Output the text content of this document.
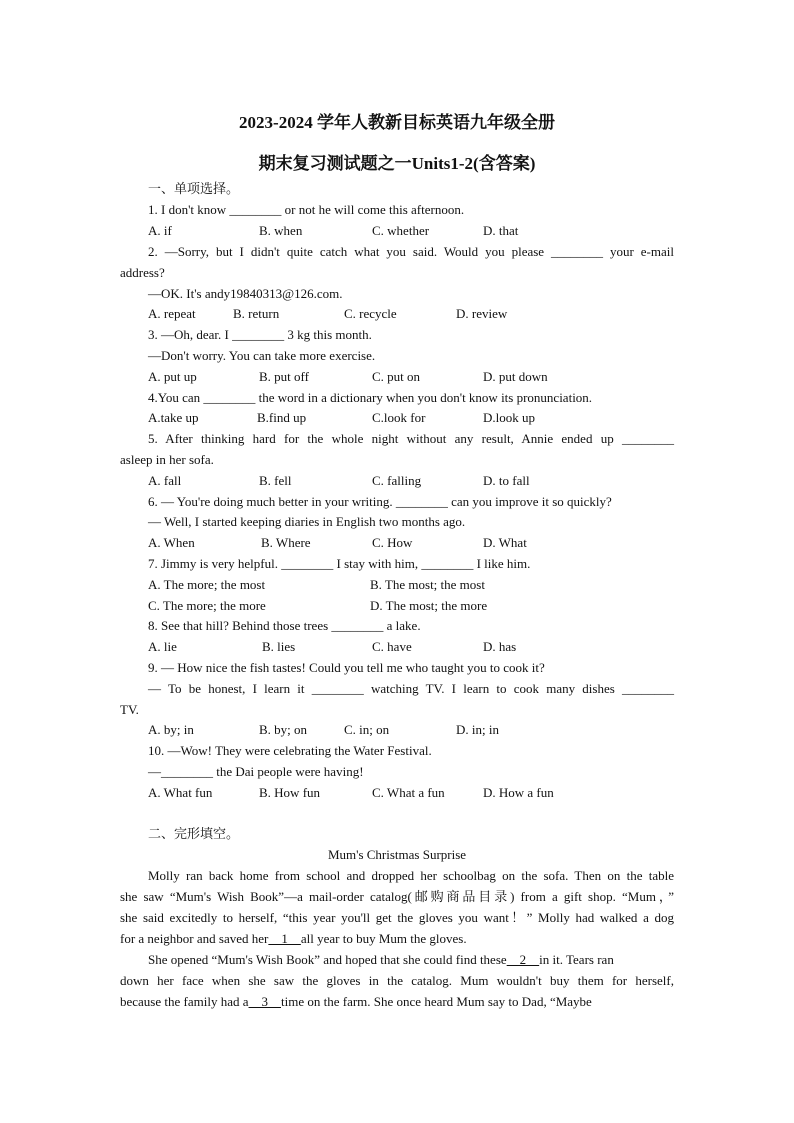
2023-2024 学年人教新目标英语九年级全册
期末复习测试题之一Units1-2(含答案)
一、单项选择。
1. I don't know ________ or not he will come this afternoon.
A. if	B. when	C. whether	D. that
2. —Sorry, but I didn't quite catch what you said. Would you please ________ your e-mail
address?
—OK. It's andy19840313@126.com.
A. repeat	B. return	C. recycle	D. review
3. —Oh, dear. I ________ 3 kg this month.
—Don't worry. You can take more exercise.
A. put up	B. put off	C. put on	D. put down
4.You can ________ the word in a dictionary when you don't know its pronunciation.
A.take up	B.find up	C.look for	D.look up
5. After thinking hard for the whole night without any result, Annie ended up ________
asleep in her sofa.
A. fall	B. fell	C. falling	D. to fall
6. — You're doing much better in your writing. ________ can you improve it so quickly?
— Well, I started keeping diaries in English two months ago.
A. When	B. Where	C. How	D. What
7. Jimmy is very helpful. ________ I stay with him, ________ I like him.
A. The more; the most	B. The most; the most
C. The more; the more	D. The most; the more
8. See that hill? Behind those trees ________ a lake.
A. lie	B. lies	C. have	D. has
9. — How nice the fish tastes! Could you tell me who taught you to cook it?
— To be honest, I learn it ________ watching TV. I learn to cook many dishes ________
TV.
A. by; in	B. by; on	C. in; on	D. in; in
10. —Wow! They were celebrating the Water Festival.
—________ the Dai people were having!
A. What fun	B. How fun	C. What a fun	D. How a fun
二、完形填空。
Mum's Christmas Surprise
Molly ran back home from school and dropped her schoolbag on the sofa. Then on the table
she saw “Mum's Wish Book”—a mail-order catalog(邮购商品目录) from a gift shop. “Mum，”
she said excitedly to herself, “this year you'll get the gloves you want！” Molly had walked a dog
for a neighbor and saved her    1    all year to buy Mum the gloves.
She opened “Mum's Wish Book” and hoped that she could find these    2    in it. Tears ran
down her face when she saw the gloves in the catalog. Mum wouldn't buy them for herself,
because the family had a    3    time on the farm. She once heard Mum say to Dad, “Maybe
